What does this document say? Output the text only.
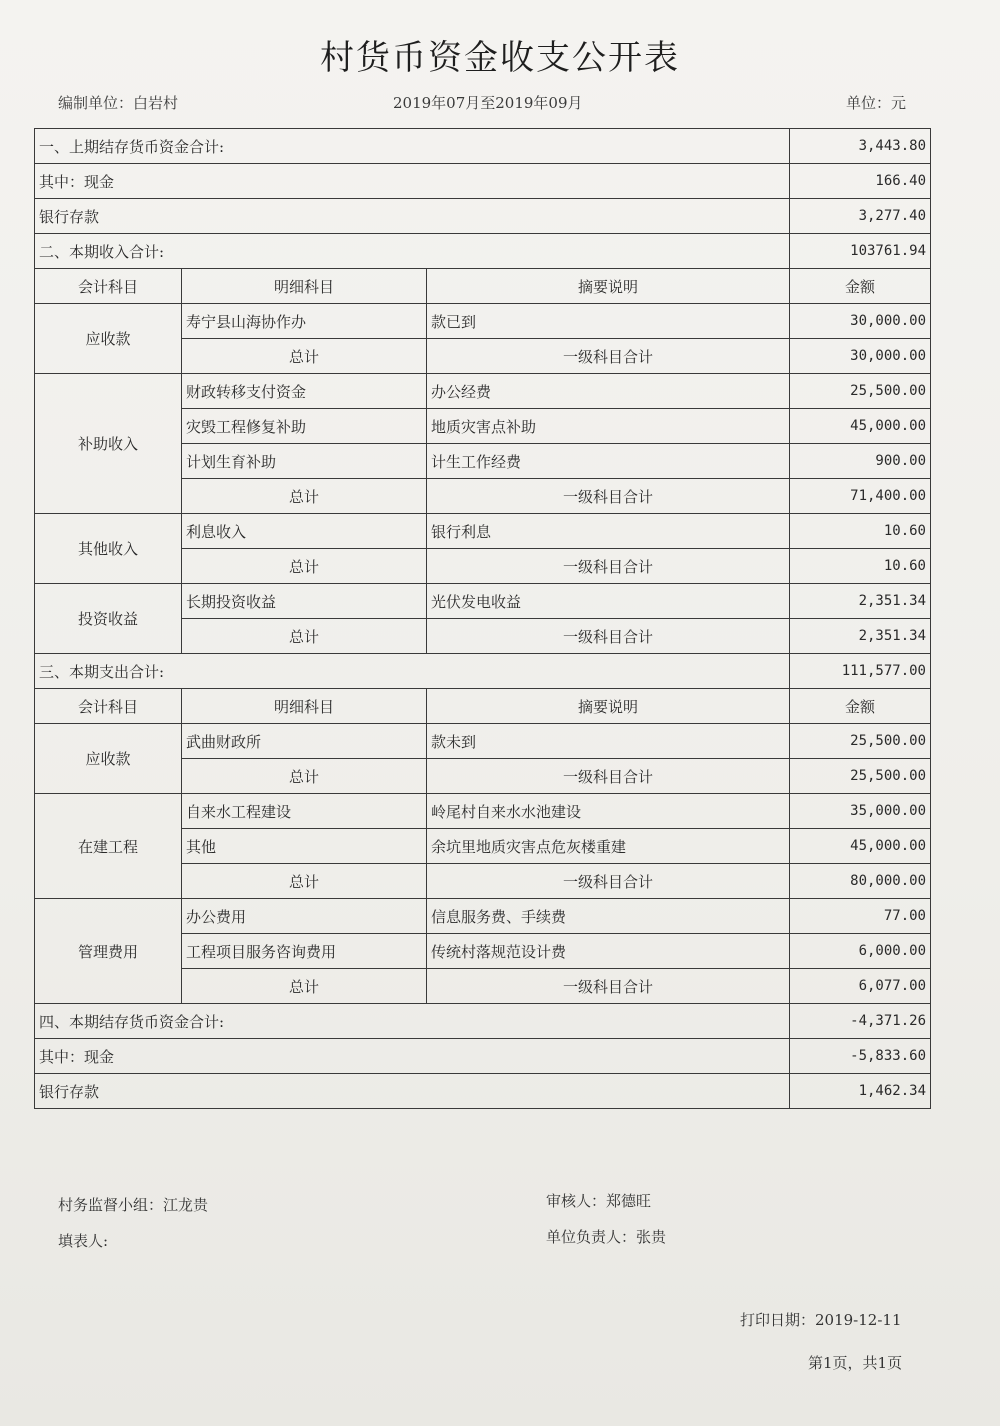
村货币资金收支公开表
编制单位：白岩村	2019年07月至2019年09月	单位：元
一、上期结存货币资金合计:			3,443.80
其中：现金			166.40
银行存款			3,277.40
二、本期收入合计:			103761.94
会计科目	明细科目	摘要说明	金额
应收款	寿宁县山海协作办	款已到	30,000.00
	总计	一级科目合计	30,000.00
补助收入	财政转移支付资金	办公经费	25,500.00
	灾毁工程修复补助	地质灾害点补助	45,000.00
	计划生育补助	计生工作经费	900.00
	总计	一级科目合计	71,400.00
其他收入	利息收入	银行利息	10.60
	总计	一级科目合计	10.60
投资收益	长期投资收益	光伏发电收益	2,351.34
	总计	一级科目合计	2,351.34
三、本期支出合计:			111,577.00
会计科目	明细科目	摘要说明	金额
应收款	武曲财政所	款未到	25,500.00
	总计	一级科目合计	25,500.00
在建工程	自来水工程建设	岭尾村自来水水池建设	35,000.00
	其他	余坑里地质灾害点危灰楼重建	45,000.00
	总计	一级科目合计	80,000.00
管理费用	办公费用	信息服务费、手续费	77.00
	工程项目服务咨询费用	传统村落规范设计费	6,000.00
	总计	一级科目合计	6,077.00
四、本期结存货币资金合计:			-4,371.26
其中：现金			-5,833.60
银行存款			1,462.34
村务监督小组：江龙贵	审核人：郑德旺
填表人:	单位负责人：张贵
打印日期：2019-12-11
第1页，共1页
